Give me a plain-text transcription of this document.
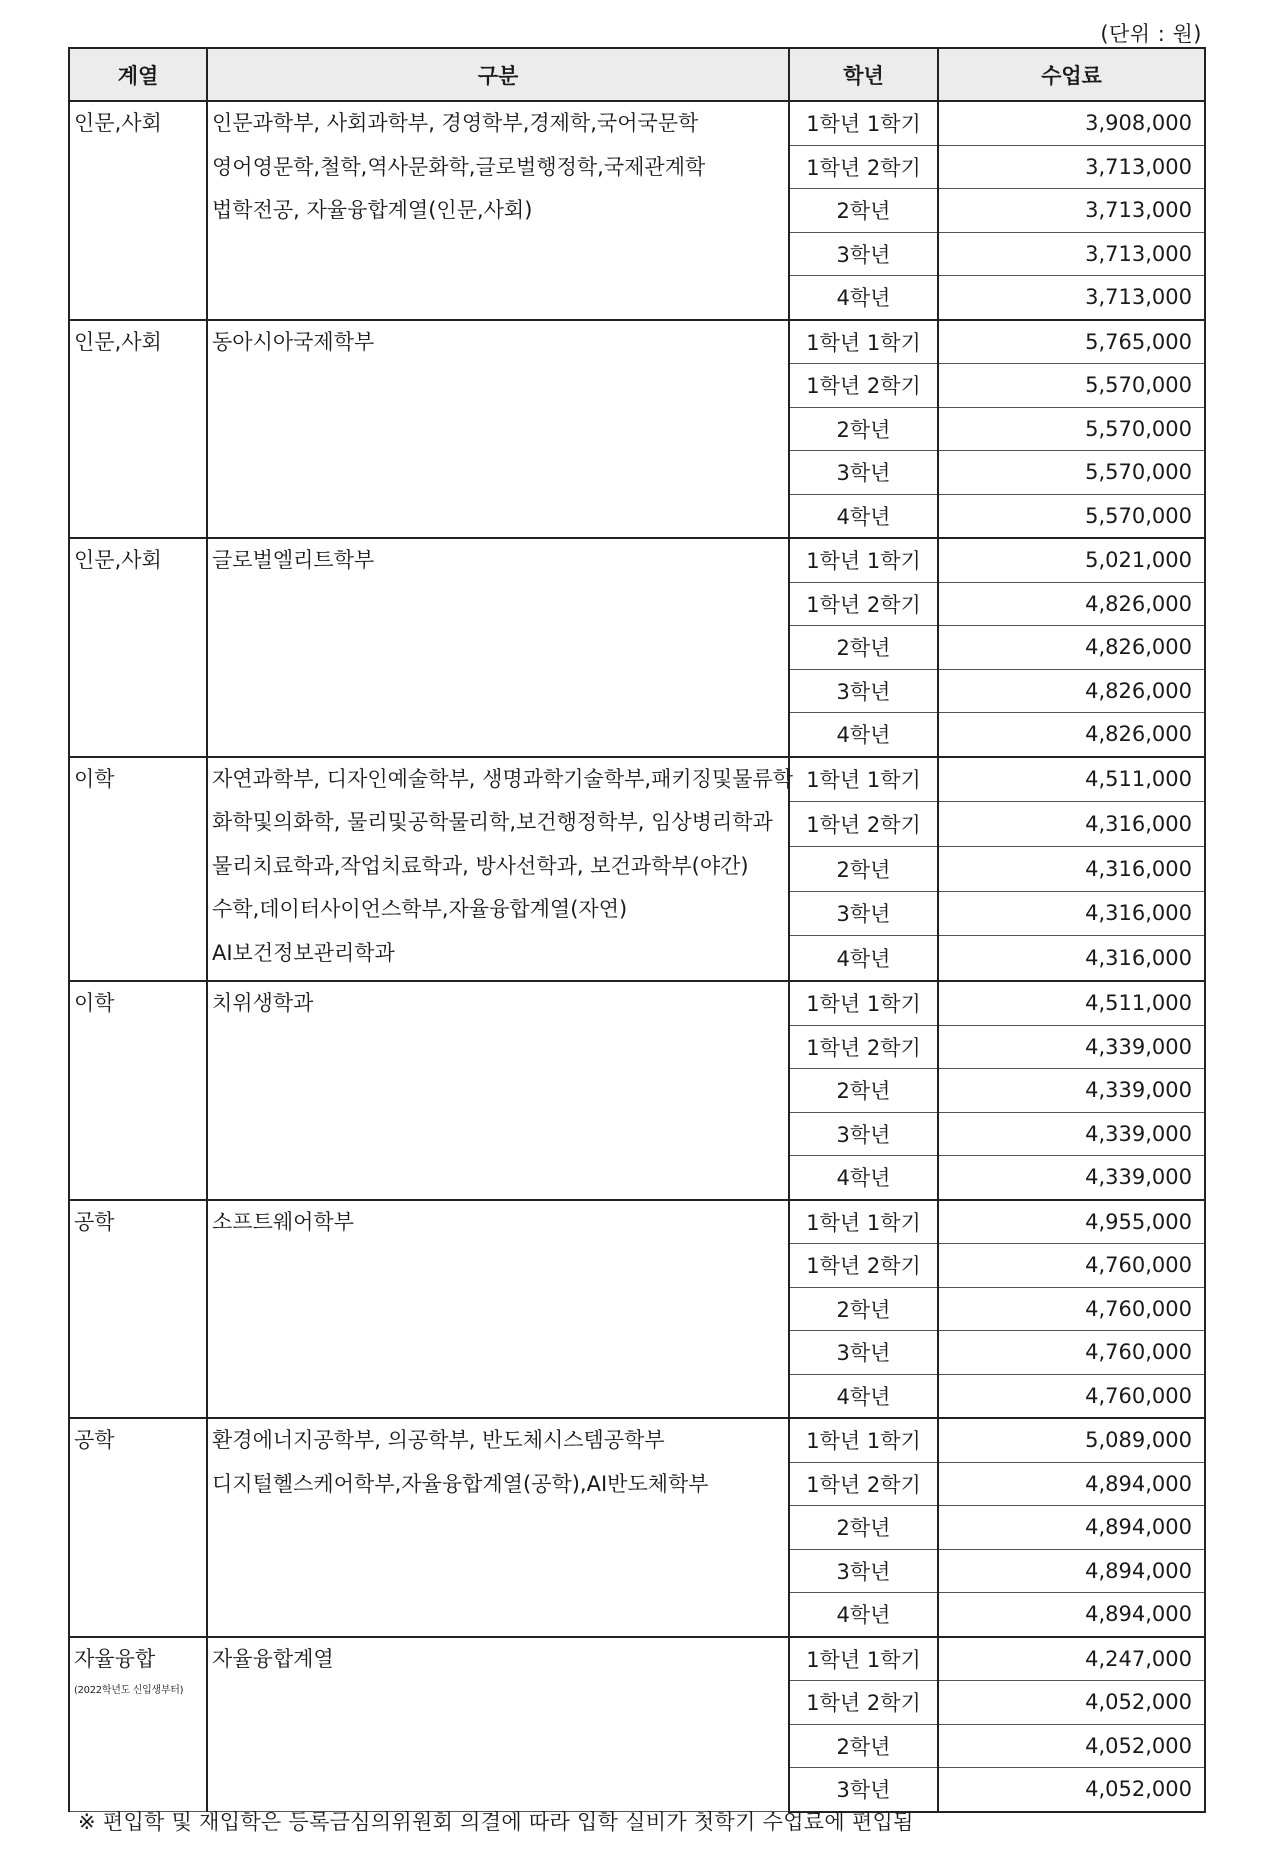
(단위 : 원)
계열	구분	학년	수업료
인문,사회	인문과학부, 사회과학부, 경영학부,경제학,국어국문학
영어영문학,철학,역사문화학,글로벌행정학,국제관계학
법학전공, 자율융합계열(인문,사회)	1학년 1학기	3,908,000
		1학년 2학기	3,713,000
		2학년	3,713,000
		3학년	3,713,000
		4학년	3,713,000
인문,사회	동아시아국제학부	1학년 1학기	5,765,000
		1학년 2학기	5,570,000
		2학년	5,570,000
		3학년	5,570,000
		4학년	5,570,000
인문,사회	글로벌엘리트학부	1학년 1학기	5,021,000
		1학년 2학기	4,826,000
		2학년	4,826,000
		3학년	4,826,000
		4학년	4,826,000
이학	자연과학부, 디자인예술학부, 생명과학기술학부,패키징및물류학
화학및의화학, 물리및공학물리학,보건행정학부, 임상병리학과
물리치료학과,작업치료학과, 방사선학과, 보건과학부(야간)
수학,데이터사이언스학부,자율융합계열(자연)
AI보건정보관리학과	1학년 1학기	4,511,000
		1학년 2학기	4,316,000
		2학년	4,316,000
		3학년	4,316,000
		4학년	4,316,000
이학	치위생학과	1학년 1학기	4,511,000
		1학년 2학기	4,339,000
		2학년	4,339,000
		3학년	4,339,000
		4학년	4,339,000
공학	소프트웨어학부	1학년 1학기	4,955,000
		1학년 2학기	4,760,000
		2학년	4,760,000
		3학년	4,760,000
		4학년	4,760,000
공학	환경에너지공학부, 의공학부, 반도체시스템공학부
디지털헬스케어학부,자율융합계열(공학),AI반도체학부	1학년 1학기	5,089,000
		1학년 2학기	4,894,000
		2학년	4,894,000
		3학년	4,894,000
		4학년	4,894,000
자율융합
(2022학년도 신입생부터)	자율융합계열	1학년 1학기	4,247,000
		1학년 2학기	4,052,000
		2학년	4,052,000
		3학년	4,052,000
※ 편입학 및 재입학은 등록금심의위원회 의결에 따라 입학 실비가 첫학기 수업료에 편입됨
